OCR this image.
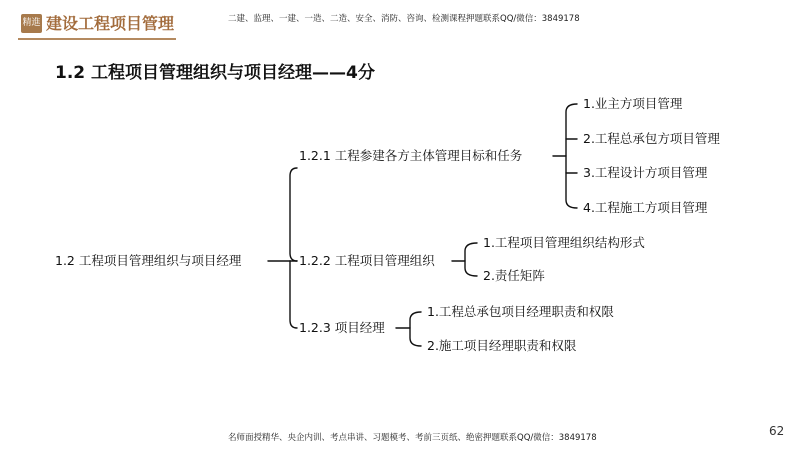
精進 建设工程项目管理	二建、监理、一建、一造、二造、安全、消防、咨询、检测课程押题联系QQ/微信：3849178
1.2 工程项目管理组织与项目经理——4分
1.2 工程项目管理组织与项目经理
1.2.1 工程参建各方主体管理目标和任务
1.业主方项目管理
2.工程总承包方项目管理
3.工程设计方项目管理
4.工程施工方项目管理
1.2.2 工程项目管理组织
1.工程项目管理组织结构形式
2.责任矩阵
1.2.3 项目经理
1.工程总承包项目经理职责和权限
2.施工项目经理职责和权限
名师面授精华、央企内训、考点串讲、习题模考、考前三页纸、绝密押题联系QQ/微信：3849178	62
